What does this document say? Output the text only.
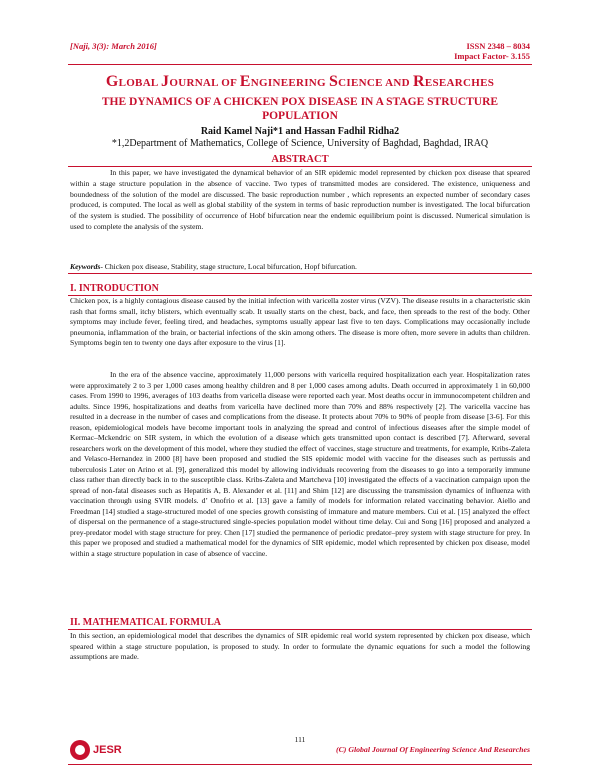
[Naji, 3(3): March 2016]	ISSN 2348 – 8034
Impact Factor- 3.155
GLOBAL JOURNAL OF ENGINEERING SCIENCE AND RESEARCHES
THE DYNAMICS OF A CHICKEN POX DISEASE IN A STAGE STRUCTURE POPULATION
Raid Kamel Naji*1 and Hassan Fadhil Ridha2
*1,2Department of Mathematics, College of Science, University of Baghdad, Baghdad, IRAQ
ABSTRACT
In this paper, we have investigated the dynamical behavior of an SIR epidemic model represented by chicken pox disease that speared within a stage structure population in the absence of vaccine. Two types of transmitted modes are considered. The existence, uniqueness and boundedness of the solution of the model are discussed. The basic reproduction number , which represents an expected number of secondary cases produced, is computed. The local as well as global stability of the system in terms of basic reproduction number is investigated. The local bifurcation of the system is studied. The possibility of occurrence of Hobf bifurcation near the endemic equilibrium point is discussed. Numerical simulation is used to complete the analysis of the system.
Keywords- Chicken pox disease, Stability, stage structure, Local bifurcation, Hopf bifurcation.
I. INTRODUCTION
Chicken pox, is a highly contagious disease caused by the initial infection with varicella zoster virus (VZV). The disease results in a characteristic skin rash that forms small, itchy blisters, which eventually scab. It usually starts on the chest, back, and face, then spreads to the rest of the body. Other symptoms may include fever, feeling tired, and headaches, symptoms usually appear last five to ten days. Complications may occasionally include pneumonia, inflammation of the brain, or bacterial infections of the skin among others. The disease is more often, more severe in adults than children. Symptoms begin ten to twenty one days after exposure to the virus [1].
In the era of the absence vaccine, approximately 11,000 persons with varicella required hospitalization each year. Hospitalization rates were approximately 2 to 3 per 1,000 cases among healthy children and 8 per 1,000 cases among adults. Death occurred in approximately 1 in 60,000 cases. From 1990 to 1996, averages of 103 deaths from varicella disease were reported each year. Most deaths occur in immunocompetent children and adults. Since 1996, hospitalizations and deaths from varicella have declined more than 70% and 88% respectively [2]. The varicella vaccine has resulted in a decrease in the number of cases and complications from the disease. It protects about 70% to 90% of people from disease [3-6]. For this reason, epidemiological models have become important tools in analyzing the spread and control of infectious diseases after the simple model of Kermac–Mckendric on SIR system, in which the evolution of a disease which gets transmitted upon contact is described [7]. Afterward, several researchers work on the development of this model, where they studied the effect of vaccines, stage structure and treatments, for example, Kribs-Zaleta and Velasco-Hernandez in 2000 [8] have been proposed and studied the SIS epidemic model with vaccine for the diseases such as pertussis and tuberculosis Later on Arino et al. [9], generalized this model by allowing individuals recovering from the diseases to go into a temporarily immune class rather than directly back in to the susceptible class. Kribs-Zaleta and Martcheva [10] investigated the effects of a vaccination campaign upon the spread of non-fatal diseases such as Hepatitis A, B. Alexander et al. [11] and Shim [12] are discussing the transmission dynamics of influenza with vaccination through using SVIR models. d’ Onofrio et al. [13] gave a family of models for information related vaccinating behavior. Aiello and Freedman [14] studied a stage-structured model of one species growth consisting of immature and mature members. Cui et al. [15] analyzed the effect of dispersal on the permanence of a stage-structured single-species population model without time delay. Cui and Song [16] proposed and analyzed a prey-predator model with stage structure for prey. Chen [17] studied the permanence of periodic predator–prey system with stage structure for prey. In this paper we proposed and studied a mathematical model for the dynamics of SIR epidemic, model which represented by chicken pox disease, model within a stage structure population in case of absence of vaccine.
II. MATHEMATICAL FORMULA
In this section, an epidemiological model that describes the dynamics of SIR epidemic real world system represented by chicken pox disease, which speared within a stage structure population, is proposed to study. In order to formulate the dynamic equations for such a model the following assumptions are made.
111
JESR	(C) Global Journal Of Engineering Science And Researches
